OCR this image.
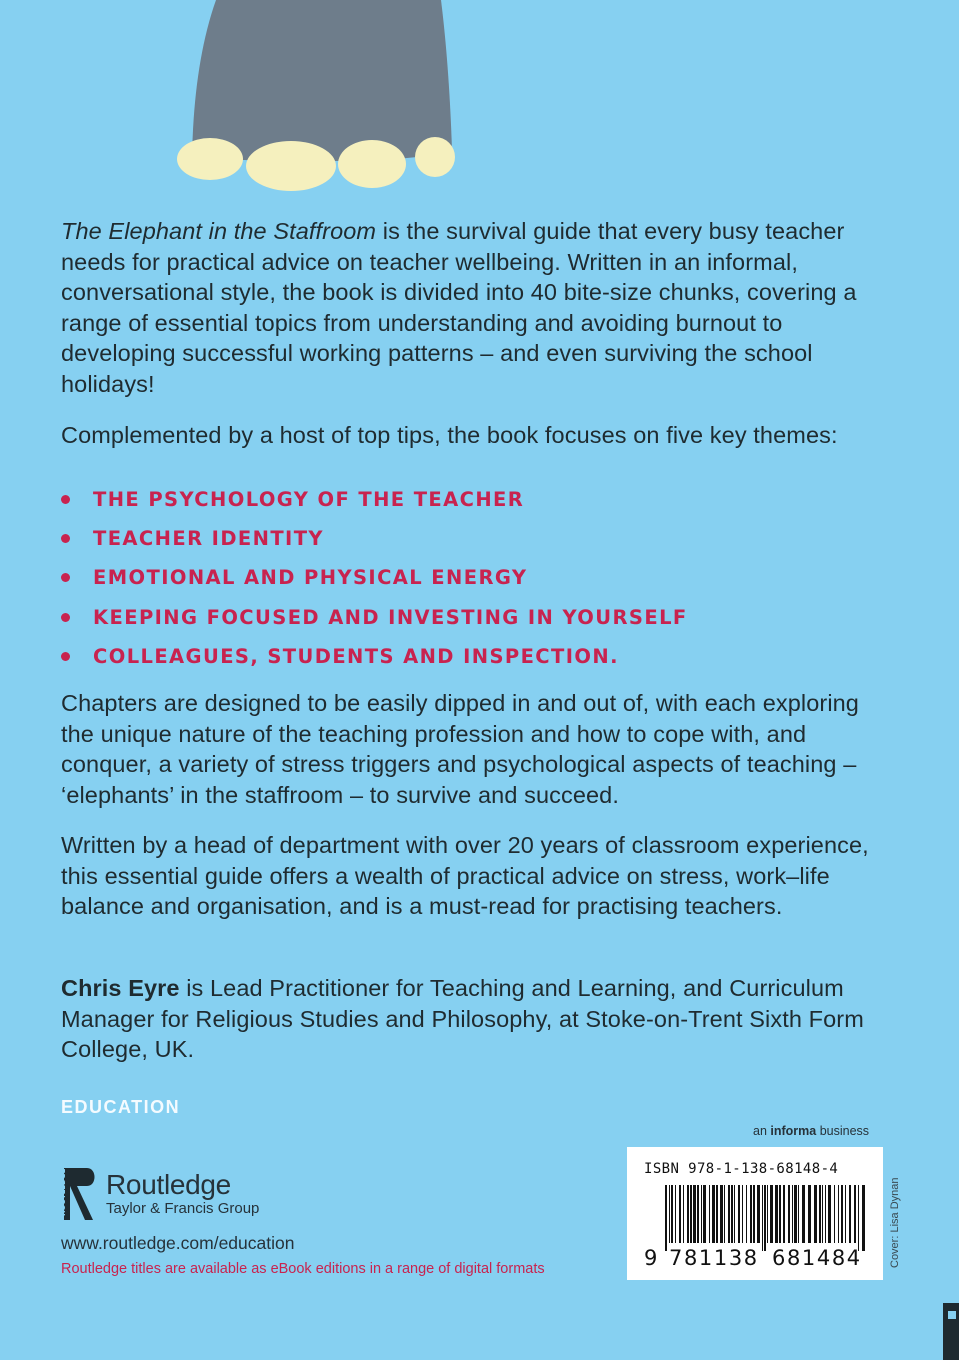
The Elephant in the Staffroom is the survival guide that every busy teacher needs for practical advice on teacher wellbeing. Written in an informal, conversational style, the book is divided into 40 bite-size chunks, covering a range of essential topics from understanding and avoiding burnout to developing successful working patterns – and even surviving the school holidays!

Complemented by a host of top tips, the book focuses on five key themes:

THE PSYCHOLOGY OF THE TEACHER
TEACHER IDENTITY
EMOTIONAL AND PHYSICAL ENERGY
KEEPING FOCUSED AND INVESTING IN YOURSELF
COLLEAGUES, STUDENTS AND INSPECTION.

Chapters are designed to be easily dipped in and out of, with each exploring the unique nature of the teaching profession and how to cope with, and conquer, a variety of stress triggers and psychological aspects of teaching – ‘elephants’ in the staffroom – to survive and succeed.

Written by a head of department with over 20 years of classroom experience, this essential guide offers a wealth of practical advice on stress, work–life balance and organisation, and is a must-read for practising teachers.

Chris Eyre is Lead Practitioner for Teaching and Learning, and Curriculum Manager for Religious Studies and Philosophy, at Stoke-on-Trent Sixth Form College, UK.

EDUCATION
ROUTLEDGE Routledge
Taylor & Francis Group
www.routledge.com/education
Routledge titles are available as eBook editions in a range of digital formats
an informa business
ISBN 978-1-138-68148-4
9 781138 681484 Cover: Lisa Dynan
